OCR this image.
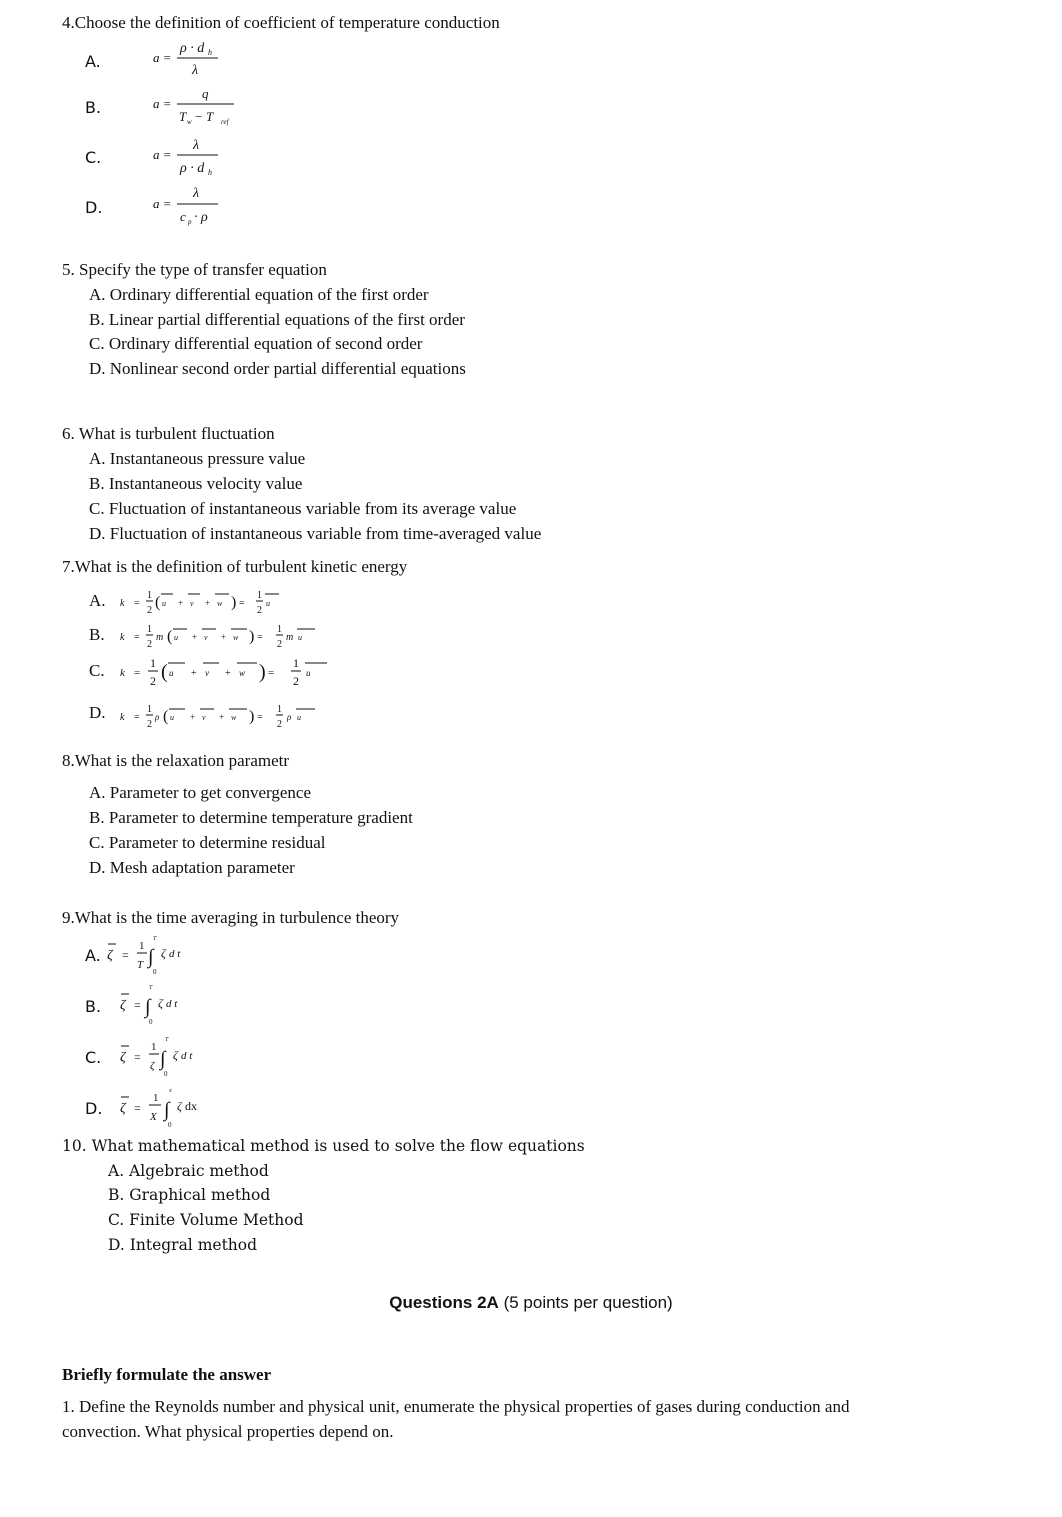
4.Choose the definition of coefficient of temperature conduction
A.	a =
ρ · d h
λ
B.	a =
q
T w − T ref
C.	a =
λ
ρ · d h
D.	a =
λ
c p · ρ
5. Specify the type of transfer equation
A. Ordinary differential equation of the first order
B. Linear partial differential equations of the first order
C. Ordinary differential equation of second order
D. Nonlinear second order partial differential equations
6. What is turbulent fluctuation
A. Instantaneous pressure value
B. Instantaneous velocity value
C. Fluctuation of instantaneous variable from its average value
D. Fluctuation of instantaneous variable from time-averaged value
7.What is the definition of turbulent kinetic energy
A. k =
1
2 ( u + v + w ) =
1
2
u
B. k =
1
2
m ( u + v + w ) =
1
2
m u
C. k =
1
2 ( u + v + w ) =
1
2
u
D. k =
1
2
ρ ( u + v + w ) =
1
2
ρ u
8.What is the relaxation parametr
A. Parameter to get convergence
B. Parameter to determine temperature gradient
C. Parameter to determine residual
D. Mesh adaptation parameter
9.What is the time averaging in turbulence theory
A. ζ =
1
T
T
∫
0
ζ d t
B. ζ =
T
∫
0
ζ d t
C. ζ =
1
ζ
T
∫
0
ζ d t
D. ζ =
1
X
x
∫
0
ζ dx
10. What mathematical method is used to solve the flow equations
A. Algebraic method
B. Graphical method
C. Finite Volume Method
D. Integral method
Questions 2A (5 points per question)
Briefly formulate the answer
1. Define the Reynolds number and physical unit, enumerate the physical properties of gases during conduction and
convection. What physical properties depend on.
